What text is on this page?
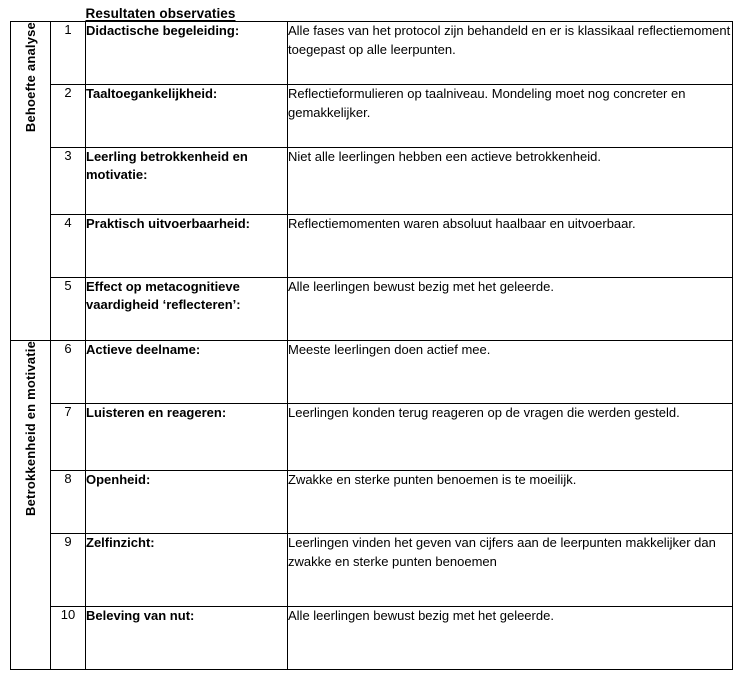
		Resultaten observaties	
Behoefte analyse	1	Didactische begeleiding:	Alle fases van het protocol zijn behandeld en er is klassikaal reflectiemoment toegepast op alle leerpunten.
	2	Taaltoegankelijkheid:	Reflectieformulieren op taalniveau. Mondeling moet nog concreter en gemakkelijker.
	3	Leerling betrokkenheid en motivatie:	Niet alle leerlingen hebben een actieve betrokkenheid.
	4	Praktisch uitvoerbaarheid:	Reflectiemomenten waren absoluut haalbaar en uitvoerbaar.
	5	Effect op metacognitieve vaardigheid ‘reflecteren’:	Alle leerlingen bewust bezig met het geleerde.
Betrokkenheid en motivatie	6	Actieve deelname:	Meeste leerlingen doen actief mee.
	7	Luisteren en reageren:	Leerlingen konden terug reageren op de vragen die werden gesteld.
	8	Openheid:	Zwakke en sterke punten benoemen is te moeilijk.
	9	Zelfinzicht:	Leerlingen vinden het geven van cijfers aan de leerpunten makkelijker dan zwakke en sterke punten benoemen
	10	Beleving van nut:	Alle leerlingen bewust bezig met het geleerde.
